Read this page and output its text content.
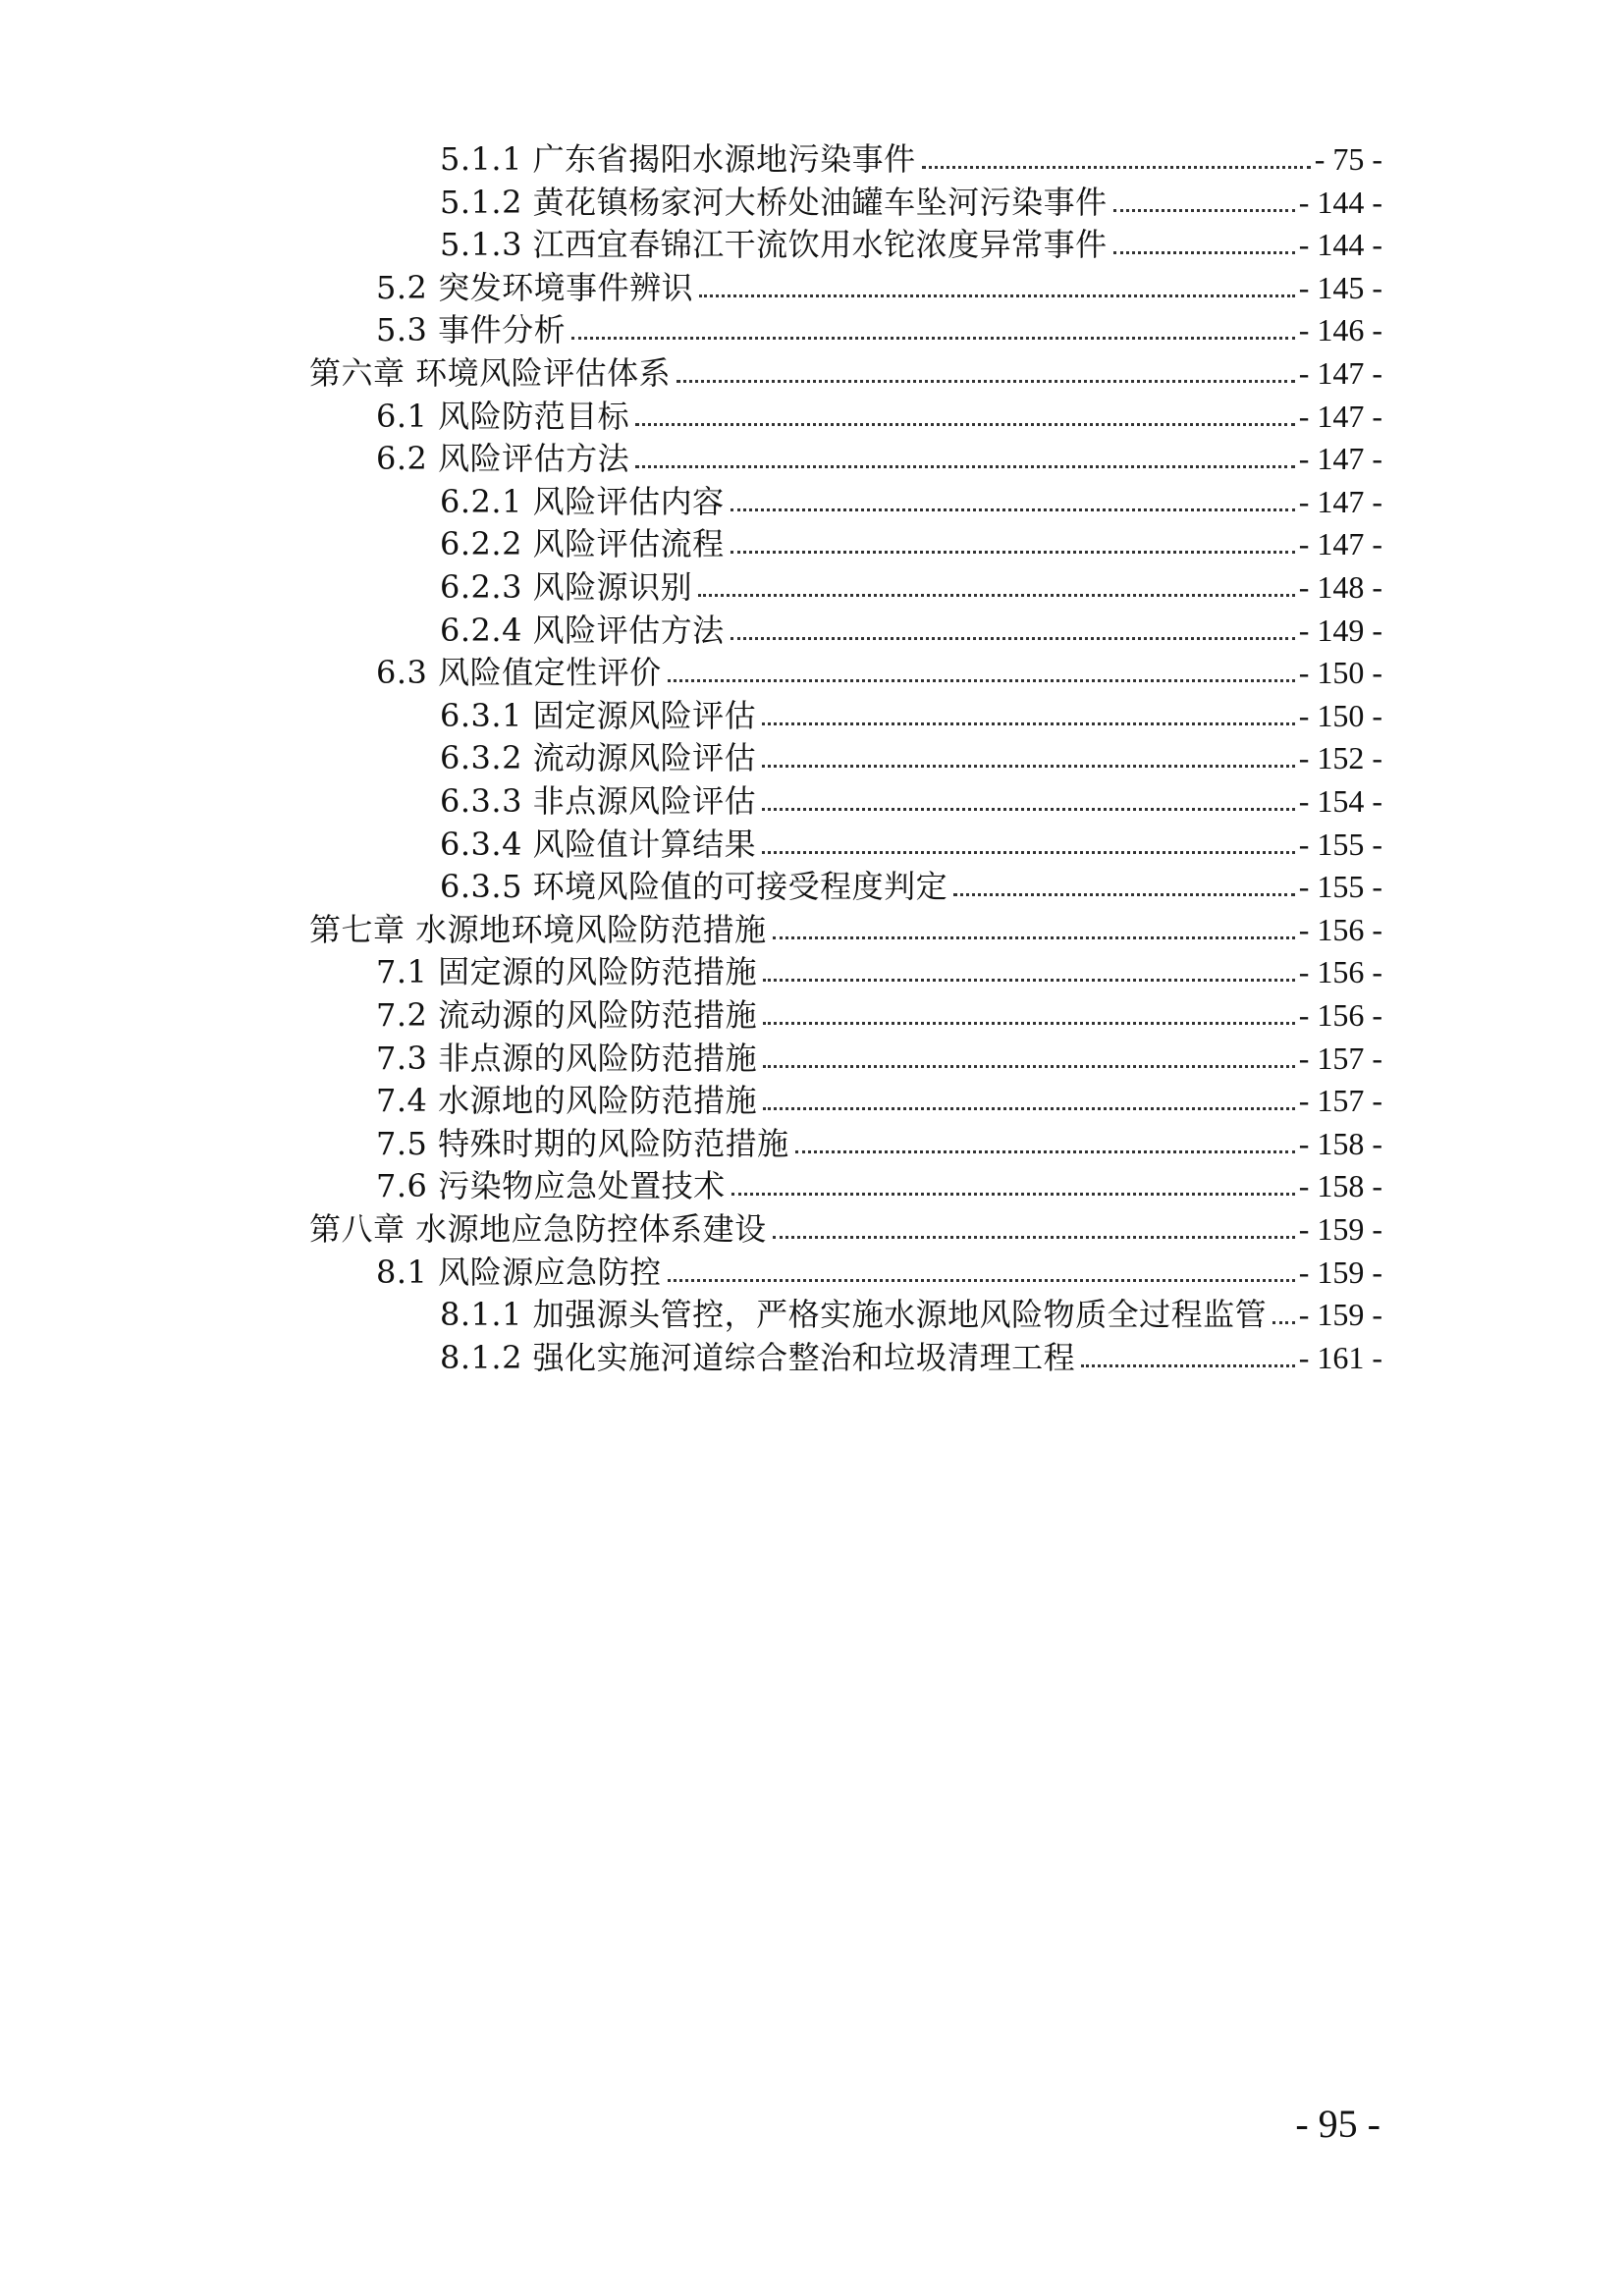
5.1.1 广东省揭阳水源地污染事件	- 75 -
5.1.2 黄花镇杨家河大桥处油罐车坠河污染事件	- 144 -
5.1.3 江西宜春锦江干流饮用水铊浓度异常事件	- 144 -
5.2 突发环境事件辨识	- 145 -
5.3 事件分析	- 146 -
第六章 环境风险评估体系	- 147 -
6.1 风险防范目标	- 147 -
6.2 风险评估方法	- 147 -
6.2.1 风险评估内容	- 147 -
6.2.2 风险评估流程	- 147 -
6.2.3 风险源识别	- 148 -
6.2.4 风险评估方法	- 149 -
6.3 风险值定性评价	- 150 -
6.3.1 固定源风险评估	- 150 -
6.3.2 流动源风险评估	- 152 -
6.3.3 非点源风险评估	- 154 -
6.3.4 风险值计算结果	- 155 -
6.3.5 环境风险值的可接受程度判定	- 155 -
第七章 水源地环境风险防范措施	- 156 -
7.1 固定源的风险防范措施	- 156 -
7.2 流动源的风险防范措施	- 156 -
7.3 非点源的风险防范措施	- 157 -
7.4 水源地的风险防范措施	- 157 -
7.5 特殊时期的风险防范措施	- 158 -
7.6 污染物应急处置技术	- 158 -
第八章 水源地应急防控体系建设	- 159 -
8.1 风险源应急防控	- 159 -
8.1.1 加强源头管控，严格实施水源地风险物质全过程监管 - 159 -
8.1.2 强化实施河道综合整治和垃圾清理工程	- 161 -
- 95 -
